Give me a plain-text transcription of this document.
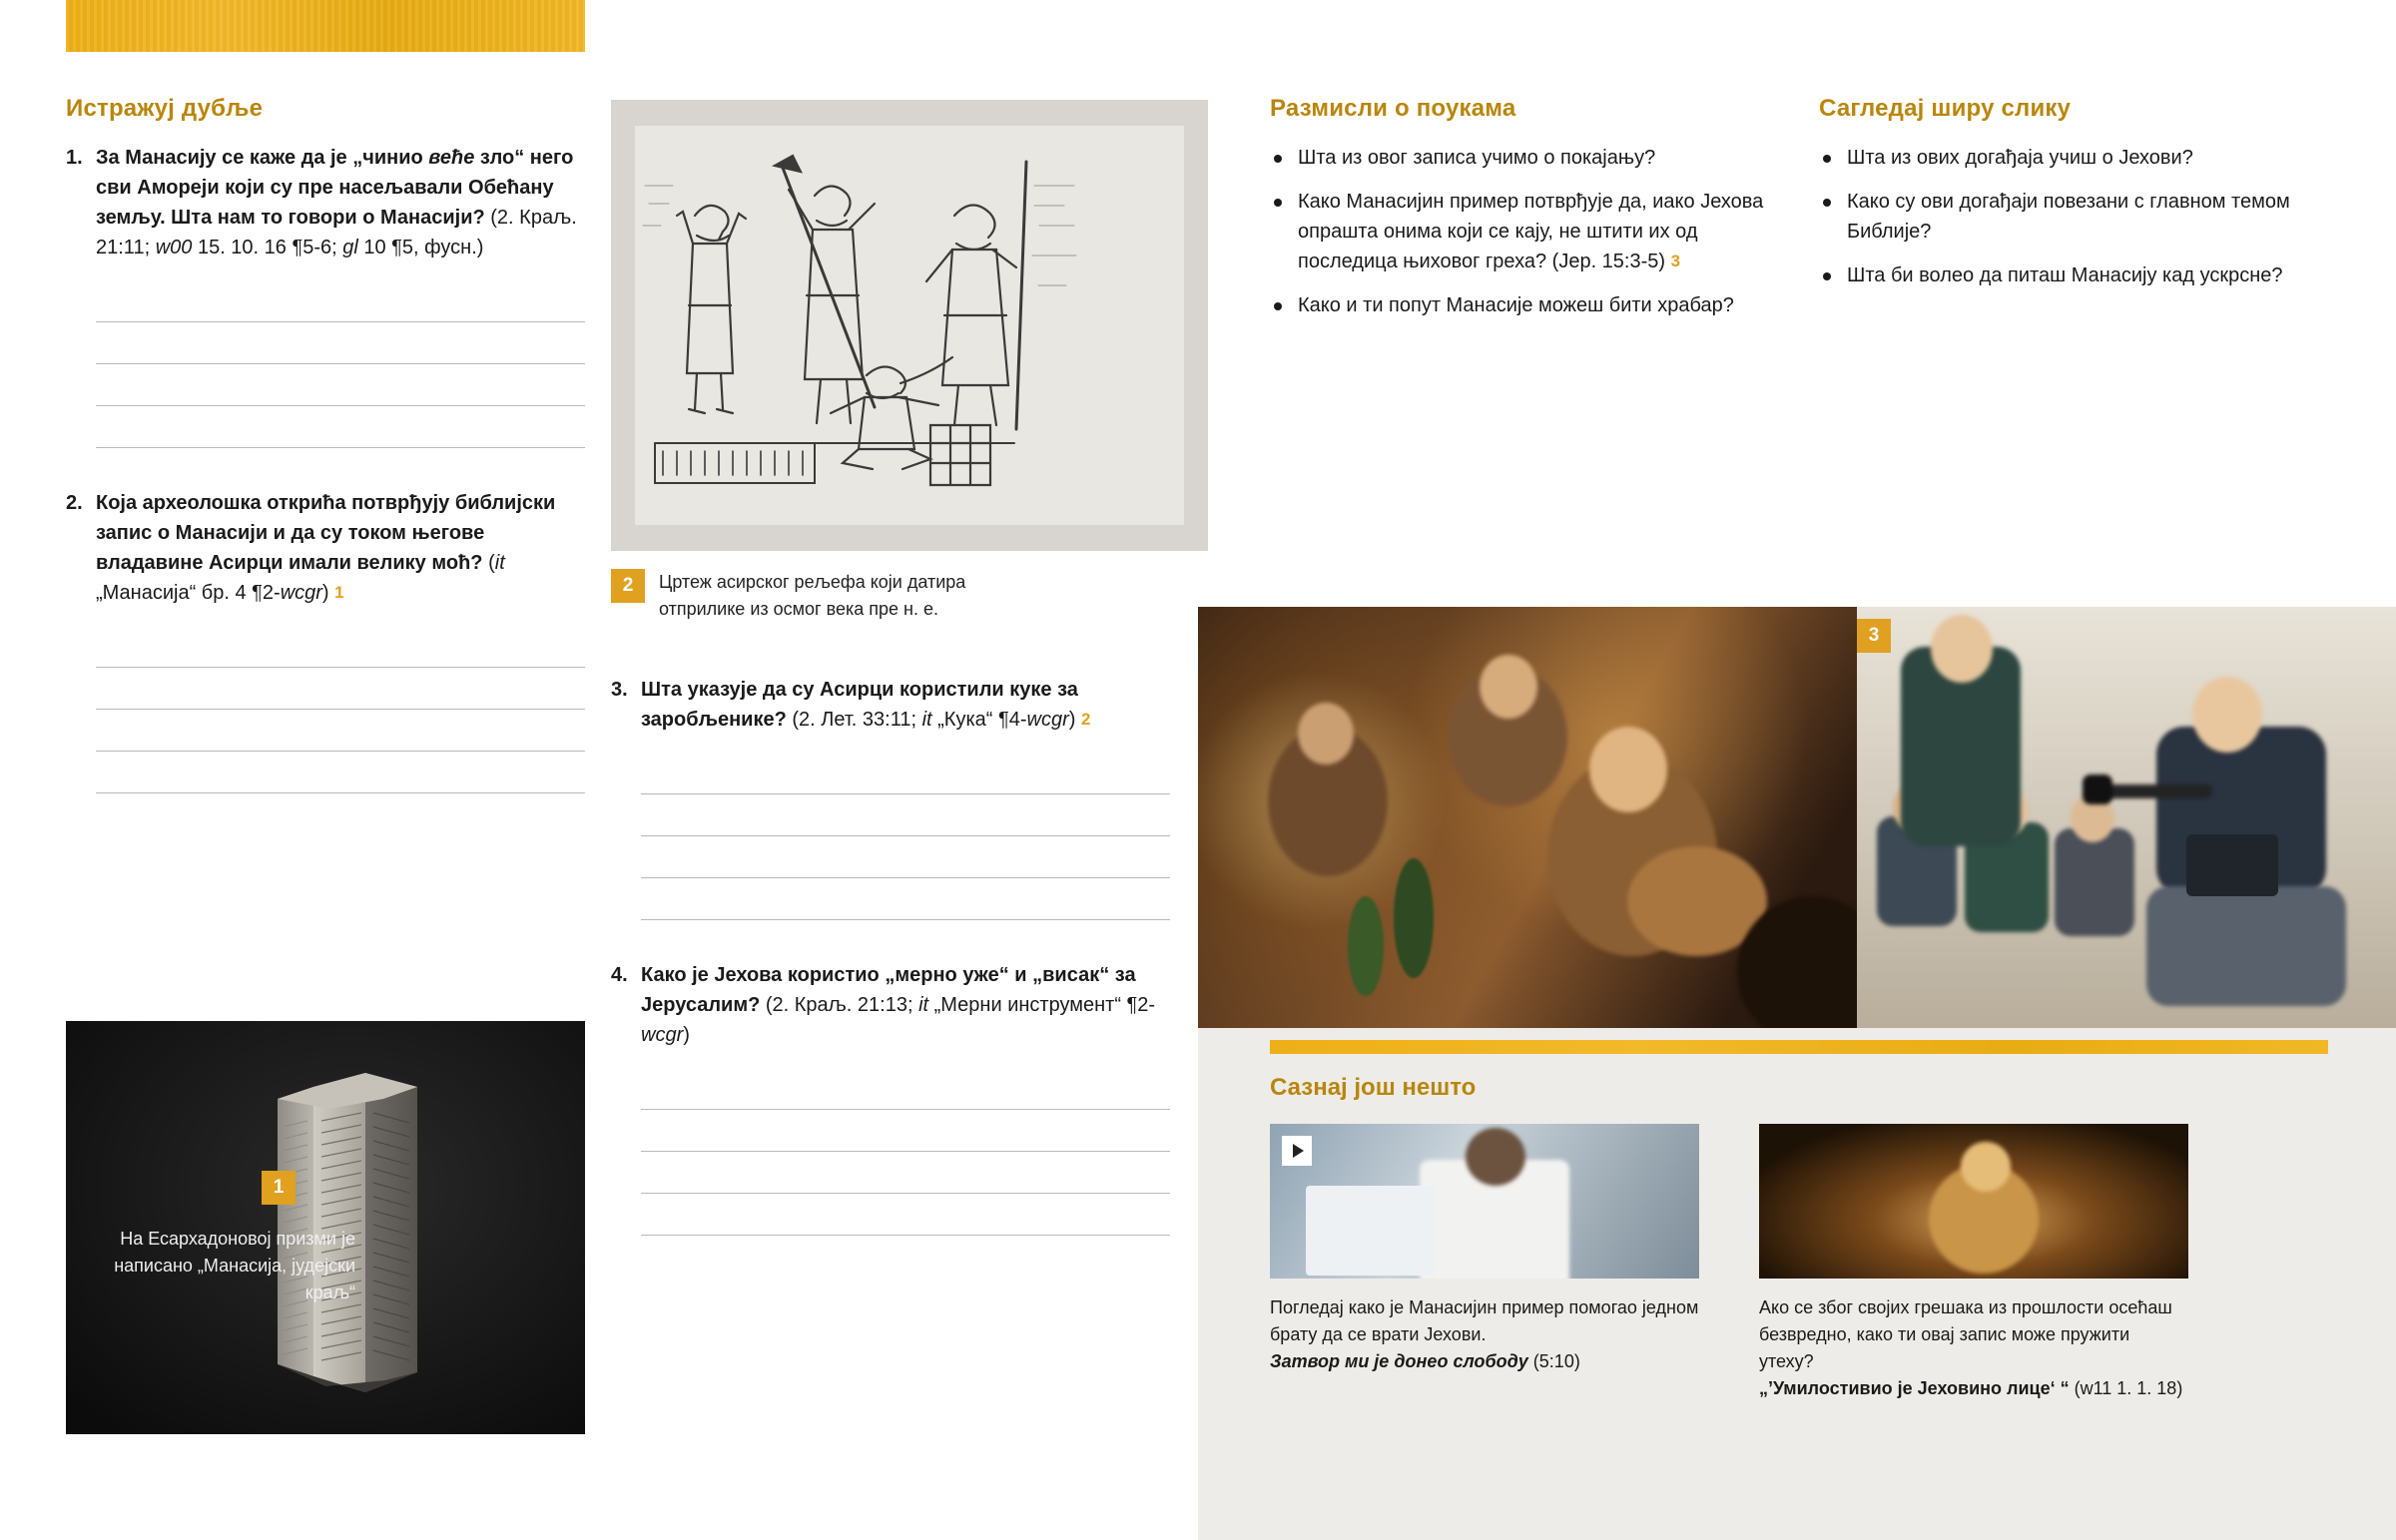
Истражуј дубље
1. За Манасију се каже да је „чинио веће зло“ него сви Амореји који су пре насељавали Обећану земљу. Шта нам то говори о Манасији? (2. Краљ. 21:11; w00 15. 10. 16 ¶5-6; gl 10 ¶5, фусн.)
2. Која археолошка открића потврђују библијски запис о Манасији и да су током његове владавине Асирци имали велику моћ? (it „Манасија“ бр. 4 ¶2-wcgr) 1	2	Цртеж асирског рељефа који датира отприлике из осмог века пре н. е.
3. Шта указује да су Асирци користили куке за заробљенике? (2. Лет. 33:11; it „Кука“ ¶4-wcgr) 2
4. Како је Јехова користио „мерно уже“ и „висак“ за Јерусалим? (2. Краљ. 21:13; it „Мерни инструмент“ ¶2-wcgr)
1
На Есархадоновој призми је написано „Манасија, јудејски краљ“
Размисли о поукама
Шта из овог записа учимо о покајању?
Како Манасијин пример потврђује да, иако Јехова опрашта онима који се кају, не штити их од последица њиховог греха? (Јер. 15:3-5) 3
Како и ти попут Манасије можеш бити храбар?
Сагледај ширу слику
Шта из ових догађаја учиш о Јехови?
Како су ови догађаји повезани с главном темом Библије?
Шта би волео да питаш Манасију кад ускрсне?
3
Сазнај још нешто
Погледај како је Манасијин пример помогао једном брату да се врати Јехови.
Затвор ми је донео слободу (5:10)
Ако се због својих грешака из прошлости осећаш безвредно, како ти овај запис може пружити утеху?
„’Умилостивио је Јеховино лице‘ “ (w11 1. 1. 18)
